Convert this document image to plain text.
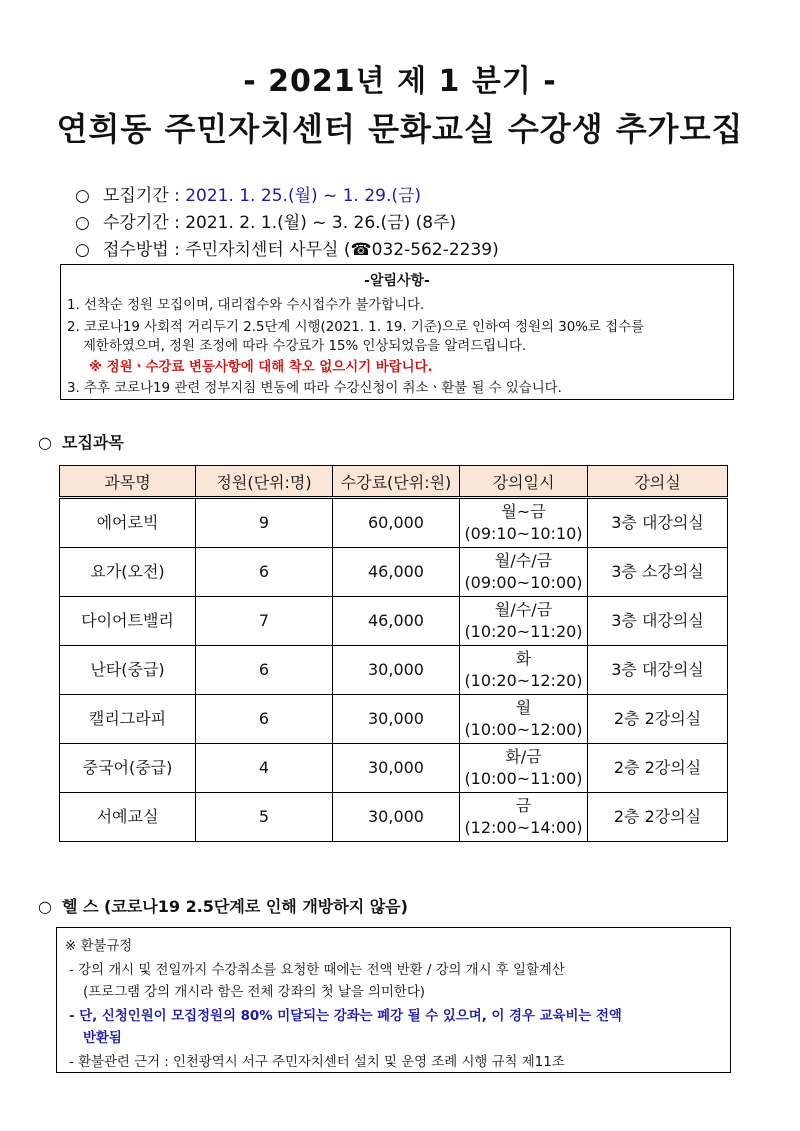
- 2021년 제 1 분기 -
연희동 주민자치센터 문화교실 수강생 추가모집
○ 모집기간 : 2021. 1. 25.(월) ~ 1. 29.(금)
○ 수강기간 : 2021. 2. 1.(월) ~ 3. 26.(금) (8주)
○ 접수방법 : 주민자치센터 사무실 (☎032-562-2239)
-알림사항-
1. 선착순 정원 모집이며, 대리접수와 수시접수가 불가합니다.
2. 코로나19 사회적 거리두기 2.5단계 시행(2021. 1. 19. 기준)으로 인하여 정원의 30%로 접수를
제한하였으며, 정원 조정에 따라 수강료가 15% 인상되었음을 알려드립니다.
※ 정원ㆍ수강료 변동사항에 대해 착오 없으시기 바랍니다.
3. 추후 코로나19 관련 정부지침 변동에 따라 수강신청이 취소ㆍ환불 될 수 있습니다.
○ 모집과목
과목명	정원(단위:명)	수강료(단위:원)	강의일시	강의실
에어로빅	9	60,000	월~금
(09:10~10:10)	3층 대강의실
요가(오전)	6	46,000	월/수/금
(09:00~10:00)	3층 소강의실
다이어트밸리	7	46,000	월/수/금
(10:20~11:20)	3층 대강의실
난타(중급)	6	30,000	화
(10:20~12:20)	3층 대강의실
캘리그라피	6	30,000	월
(10:00~12:00)	2층 2강의실
중국어(중급)	4	30,000	화/금
(10:00~11:00)	2층 2강의실
서예교실	5	30,000	금
(12:00~14:00)	2층 2강의실
○ 헬 스 (코로나19 2.5단계로 인해 개방하지 않음)
※ 환불규정
- 강의 개시 및 전일까지 수강취소를 요청한 때에는 전액 반환 / 강의 개시 후 일할계산
(프로그램 강의 개시라 함은 전체 강좌의 첫 날을 의미한다)
- 단, 신청인원이 모집정원의 80% 미달되는 강좌는 폐강 될 수 있으며, 이 경우 교육비는 전액
반환됨
- 환불관련 근거 : 인천광역시 서구 주민자치센터 설치 및 운영 조례 시행 규칙 제11조
